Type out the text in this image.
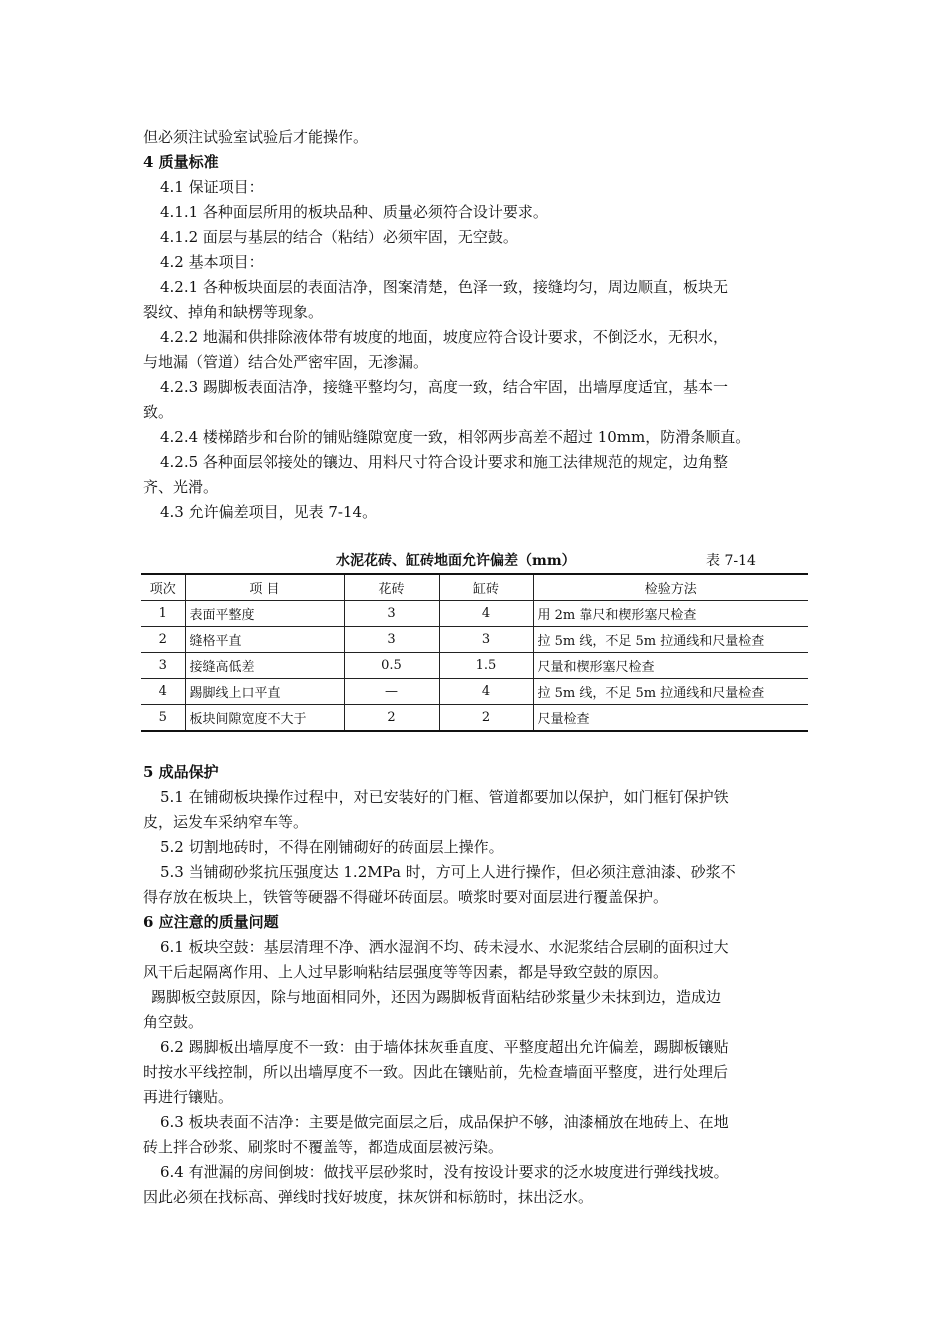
但必须注试验室试验后才能操作。
4 质量标准
4.1 保证项目：
4.1.1 各种面层所用的板块品种、质量必须符合设计要求。
4.1.2 面层与基层的结合（粘结）必须牢固，无空鼓。
4.2 基本项目：
4.2.1 各种板块面层的表面洁净，图案清楚，色泽一致，接缝均匀，周边顺直，板块无
裂纹、掉角和缺楞等现象。
4.2.2 地漏和供排除液体带有坡度的地面，坡度应符合设计要求，不倒泛水，无积水，
与地漏（管道）结合处严密牢固，无渗漏。
4.2.3 踢脚板表面洁净，接缝平整均匀，高度一致，结合牢固，出墙厚度适宜，基本一
致。
4.2.4 楼梯踏步和台阶的铺贴缝隙宽度一致，相邻两步高差不超过 10mm，防滑条顺直。
4.2.5 各种面层邻接处的镶边、用料尺寸符合设计要求和施工法律规范的规定，边角整
齐、光滑。
4.3 允许偏差项目，见表 7-14。
水泥花砖、缸砖地面允许偏差（mm）	表 7-14
项次	项 目	花砖	缸砖	检验方法
1	表面平整度	3	4	用 2m 靠尺和楔形塞尺检查
2	缝格平直	3	3	拉 5m 线，不足 5m 拉通线和尺量检查
3	接缝高低差	0.5	1.5	尺量和楔形塞尺检查
4	踢脚线上口平直	—	4	拉 5m 线，不足 5m 拉通线和尺量检查
5	板块间隙宽度不大于	2	2	尺量检查
5 成品保护
5.1 在铺砌板块操作过程中，对已安装好的门框、管道都要加以保护，如门框钉保护铁
皮，运发车采纳窄车等。
5.2 切割地砖时，不得在刚铺砌好的砖面层上操作。
5.3 当铺砌砂浆抗压强度达 1.2MPa 时，方可上人进行操作，但必须注意油漆、砂浆不
得存放在板块上，铁管等硬器不得碰坏砖面层。喷浆时要对面层进行覆盖保护。
6 应注意的质量问题
6.1 板块空鼓：基层清理不净、洒水湿润不均、砖未浸水、水泥浆结合层刷的面积过大
风干后起隔离作用、上人过早影响粘结层强度等等因素，都是导致空鼓的原因。
踢脚板空鼓原因，除与地面相同外，还因为踢脚板背面粘结砂浆量少未抹到边，造成边
角空鼓。
6.2 踢脚板出墙厚度不一致：由于墙体抹灰垂直度、平整度超出允许偏差，踢脚板镶贴
时按水平线控制，所以出墙厚度不一致。因此在镶贴前，先检查墙面平整度，进行处理后
再进行镶贴。
6.3 板块表面不洁净：主要是做完面层之后，成品保护不够，油漆桶放在地砖上、在地
砖上拌合砂浆、刷浆时不覆盖等，都造成面层被污染。
6.4 有泄漏的房间倒坡：做找平层砂浆时，没有按设计要求的泛水坡度进行弹线找坡。
因此必须在找标高、弹线时找好坡度，抹灰饼和标筋时，抹出泛水。
